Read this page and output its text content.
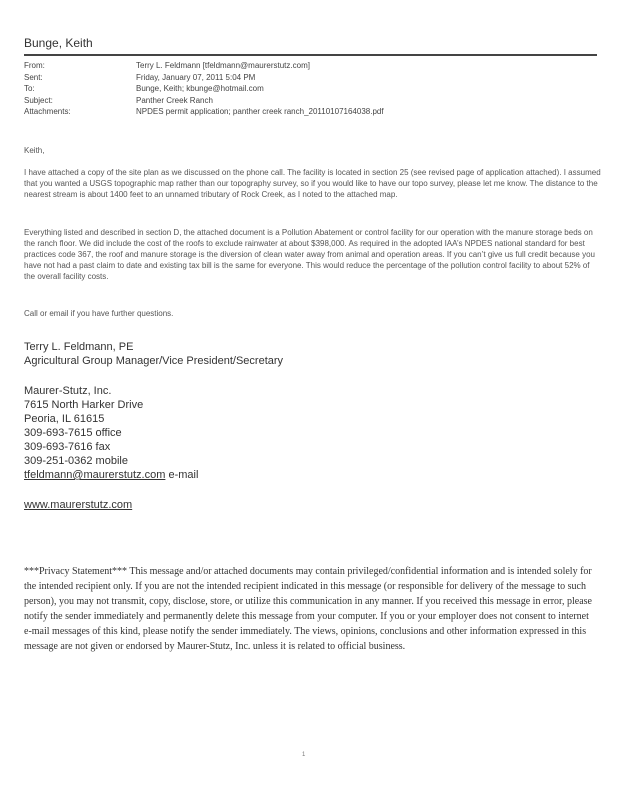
Bunge, Keith
From:	Terry L. Feldmann [tfeldmann@maurerstutz.com]
Sent:	Friday, January 07, 2011 5:04 PM
To:	Bunge, Keith; kbunge@hotmail.com
Subject:	Panther Creek Ranch
Attachments:	NPDES permit application; panther creek ranch_20110107164038.pdf
Keith,

I have attached a copy of the site plan as we discussed on the phone call. The facility is located in section 25 (see revised page of application attached). I assumed that you wanted a USGS topographic map rather than our topography survey, so if you would like to have our topo survey, please let me know. The distance to the nearest stream is about 1400 feet to an unnamed tributary of Rock Creek, as I noted to the attached map.

Everything listed and described in section D, the attached document is a Pollution Abatement or control facility for our operation with the manure storage beds on the ranch floor. We did include the cost of the roofs to exclude rainwater at about $398,000. As required in the adopted IAA’s NPDES national standard for best practices code 367, the roof and manure storage is the diversion of clean water away from animal and operation areas. If you can’t give us full credit because you have not had a past claim to date and existing tax bill is the same for everyone. This would reduce the percentage of the pollution control facility to about 52% of the overall facility costs.

Call or email if you have further questions.

Terry L. Feldmann, PE
Agricultural Group Manager/Vice President/Secretary
Maurer-Stutz, Inc.
7615 North Harker Drive
Peoria, IL 61615
309-693-7615 office
309-693-7616 fax
309-251-0362 mobile
tfeldmann@maurerstutz.com e-mail
www.maurerstutz.com

***Privacy Statement*** This message and/or attached documents may contain privileged/confidential information and is intended solely for the intended recipient only. If you are not the intended recipient indicated in this message (or responsible for delivery of the message to such person), you may not transmit, copy, disclose, store, or utilize this communication in any manner. If you received this message in error, please notify the sender immediately and permanently delete this message from your computer. If you or your employer does not consent to internet e-mail messages of this kind, please notify the sender immediately. The views, opinions, conclusions and other information expressed in this message are not given or endorsed by Maurer-Stutz, Inc. unless it is related to official business.

1
